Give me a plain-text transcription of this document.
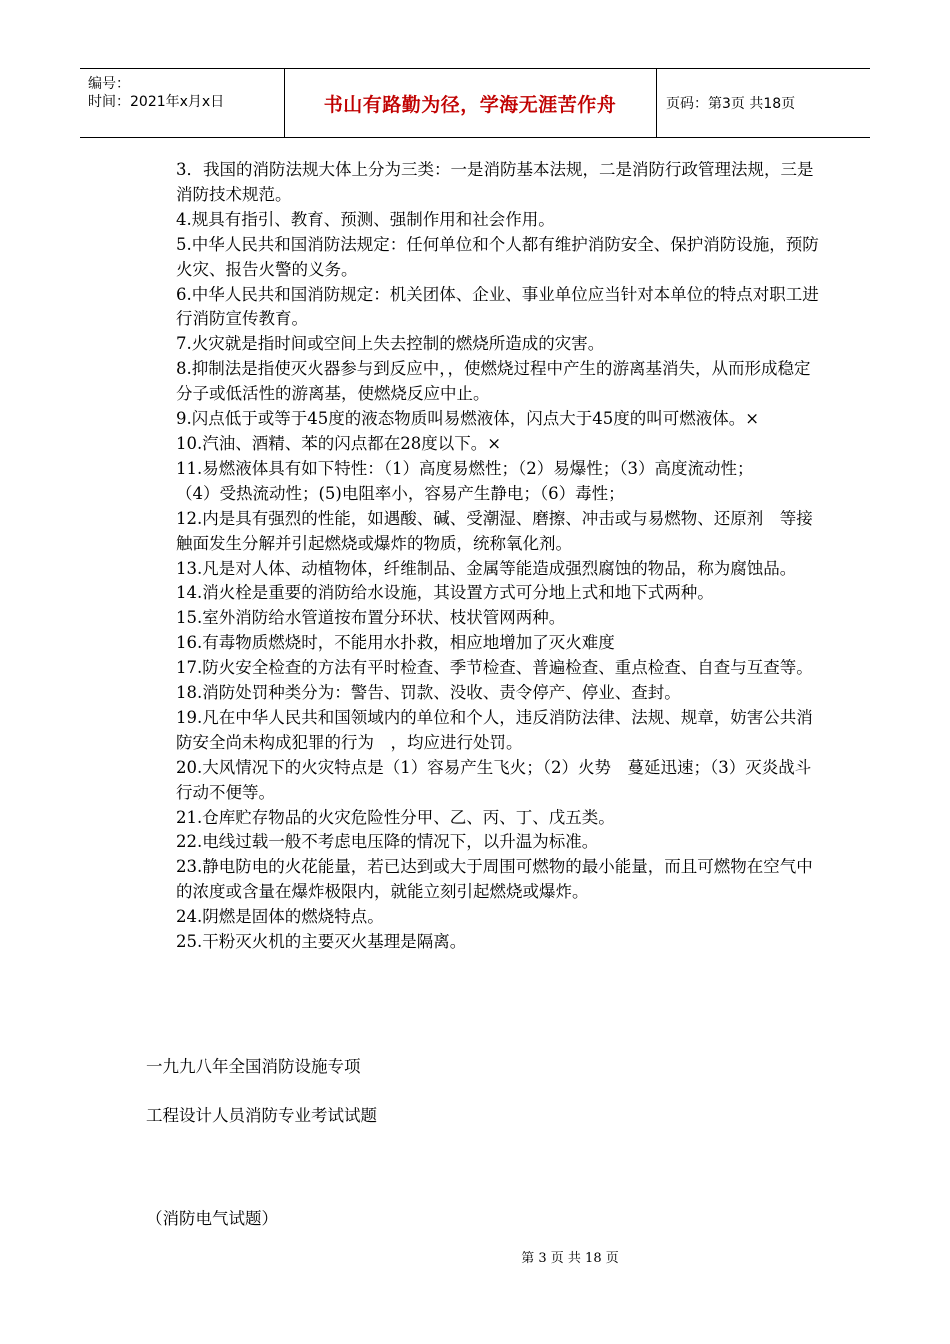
编号：
时间：2021年x月x日	书山有路勤为径，学海无涯苦作舟	页码：第3页 共18页

3．我国的消防法规大体上分为三类：一是消防基本法规，二是消防行政管理法规，三是消防技术规范。

4.规具有指引、教育、预测、强制作用和社会作用。

5.中华人民共和国消防法规定：任何单位和个人都有维护消防安全、保护消防设施，预防火灾、报告火警的义务。

6.中华人民共和国消防规定：机关团体、企业、事业单位应当针对本单位的特点对职工进行消防宣传教育。

7.火灾就是指时间或空间上失去控制的燃烧所造成的灾害。

8.抑制法是指使灭火器参与到反应中，，使燃烧过程中产生的游离基消失，从而形成稳定分子或低活性的游离基，使燃烧反应中止。

9.闪点低于或等于45度的液态物质叫易燃液体，闪点大于45度的叫可燃液体。×

10.汽油、酒精、苯的闪点都在28度以下。×

11.易燃液体具有如下特性：（1）高度易燃性；（2）易爆性；（3）高度流动性；

（4）受热流动性；(5)电阻率小，容易产生静电；（6）毒性；

12.内是具有强烈的性能，如遇酸、碱、受潮湿、磨擦、冲击或与易燃物、还原剂　等接触面发生分解并引起燃烧或爆炸的物质，统称氧化剂。

13.凡是对人体、动植物体，纤维制品、金属等能造成强烈腐蚀的物品，称为腐蚀品。

14.消火栓是重要的消防给水设施，其设置方式可分地上式和地下式两种。

15.室外消防给水管道按布置分环状、枝状管网两种。

16.有毒物质燃烧时，不能用水扑救，相应地增加了灭火难度

17.防火安全检查的方法有平时检查、季节检查、普遍检查、重点检查、自查与互查等。

18.消防处罚种类分为：警告、罚款、没收、责令停产、停业、查封。

19.凡在中华人民共和国领域内的单位和个人，违反消防法律、法规、规章，妨害公共消防安全尚未构成犯罪的行为　，均应进行处罚。

20.大风情况下的火灾特点是（1）容易产生飞火；（2）火势　蔓延迅速；（3）灭炎战斗行动不便等。

21.仓库贮存物品的火灾危险性分甲、乙、丙、丁、戊五类。

22.电线过载一般不考虑电压降的情况下，以升温为标准。

23.静电防电的火花能量，若已达到或大于周围可燃物的最小能量，而且可燃物在空气中的浓度或含量在爆炸极限内，就能立刻引起燃烧或爆炸。

24.阴燃是固体的燃烧特点。

25.干粉灭火机的主要灭火基理是隔离。

一九九八年全国消防设施专项
工程设计人员消防专业考试试题
（消防电气试题）
第 3 页 共 18 页
